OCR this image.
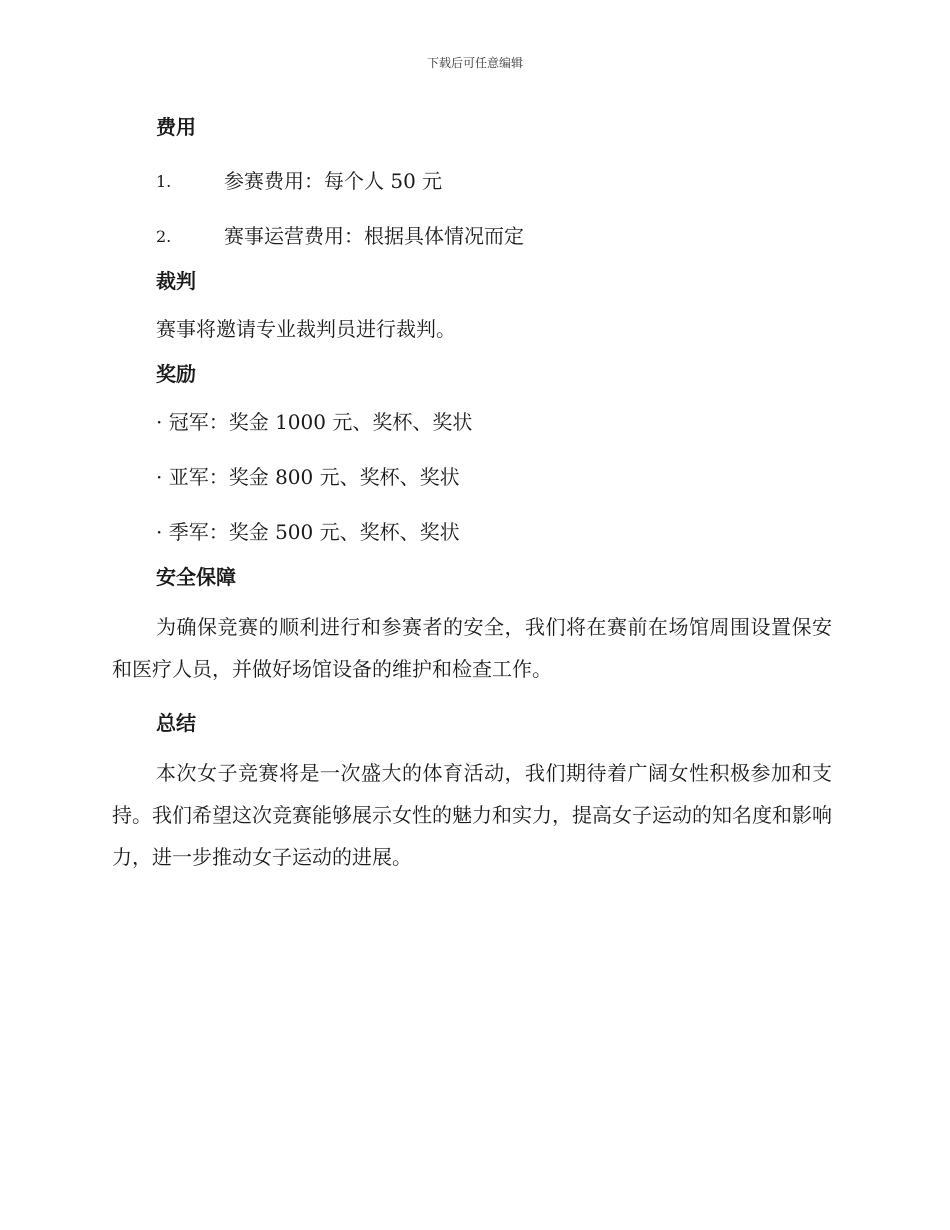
下载后可任意编辑
费用
1.	参赛费用：每个人 50 元
2.	赛事运营费用：根据具体情况而定
裁判
赛事将邀请专业裁判员进行裁判。
奖励
· 冠军：奖金 1000 元、奖杯、奖状
· 亚军：奖金 800 元、奖杯、奖状
· 季军：奖金 500 元、奖杯、奖状
安全保障

为确保竞赛的顺利进行和参赛者的安全，我们将在赛前在场馆周围设置保安和医疗人员，并做好场馆设备的维护和检查工作。

总结

本次女子竞赛将是一次盛大的体育活动，我们期待着广阔女性积极参加和支持。我们希望这次竞赛能够展示女性的魅力和实力，提高女子运动的知名度和影响力，进一步推动女子运动的进展。
